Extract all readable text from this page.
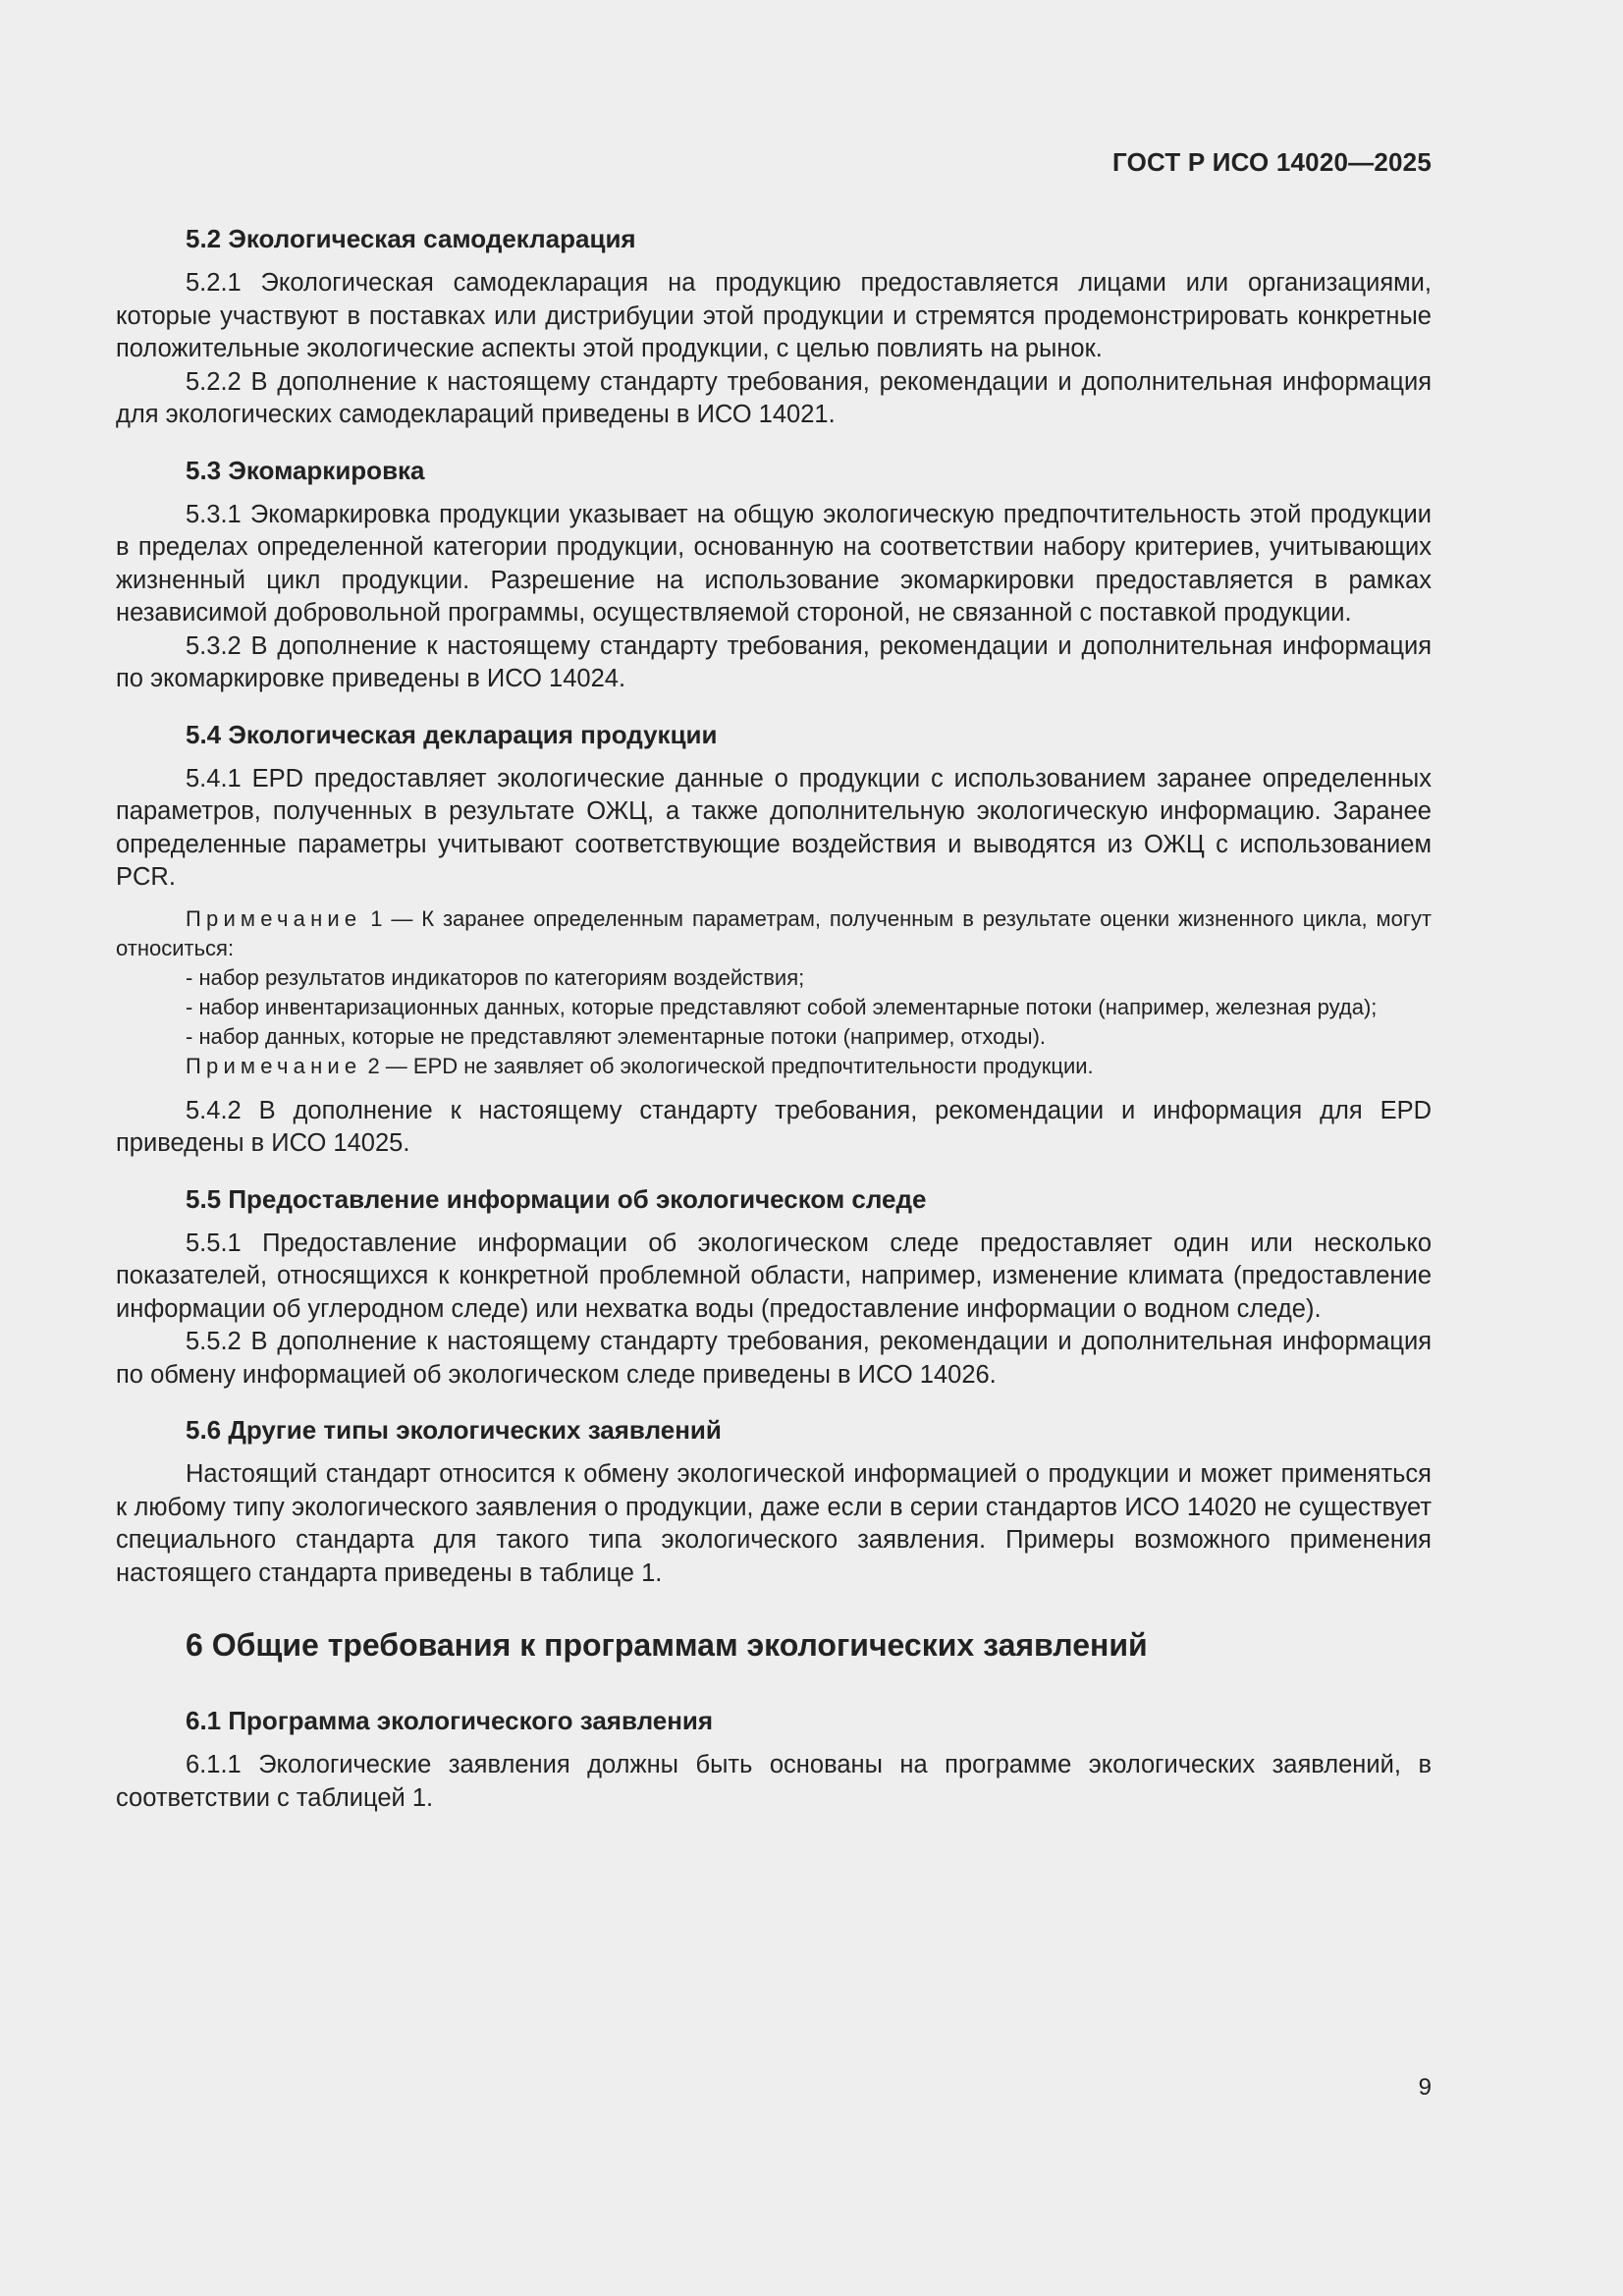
ГОСТ Р ИСО 14020—2025
5.2 Экологическая самодекларация

5.2.1 Экологическая самодекларация на продукцию предоставляется лицами или организациями, которые участвуют в поставках или дистрибуции этой продукции и стремятся продемонстрировать конкретные положительные экологические аспекты этой продукции, с целью повлиять на рынок.

5.2.2 В дополнение к настоящему стандарту требования, рекомендации и дополнительная информация для экологических самодеклараций приведены в ИСО 14021.

5.3 Экомаркировка

5.3.1 Экомаркировка продукции указывает на общую экологическую предпочтительность этой продукции в пределах определенной категории продукции, основанную на соответствии набору критериев, учитывающих жизненный цикл продукции. Разрешение на использование экомаркировки предоставляется в рамках независимой добровольной программы, осуществляемой стороной, не связанной с поставкой продукции.

5.3.2 В дополнение к настоящему стандарту требования, рекомендации и дополнительная информация по экомаркировке приведены в ИСО 14024.

5.4 Экологическая декларация продукции

5.4.1 EPD предоставляет экологические данные о продукции с использованием заранее определенных параметров, полученных в результате ОЖЦ, а также дополнительную экологическую информацию. Заранее определенные параметры учитывают соответствующие воздействия и выводятся из ОЖЦ с использованием PCR.

Примечание 1 — К заранее определенным параметрам, полученным в результате оценки жизненного цикла, могут относиться:

- набор результатов индикаторов по категориям воздействия;
- набор инвентаризационных данных, которые представляют собой элементарные потоки (например, железная руда);
- набор данных, которые не представляют элементарные потоки (например, отходы).

Примечание 2 — EPD не заявляет об экологической предпочтительности продукции.

5.4.2 В дополнение к настоящему стандарту требования, рекомендации и информация для EPD приведены в ИСО 14025.

5.5 Предоставление информации об экологическом следе

5.5.1 Предоставление информации об экологическом следе предоставляет один или несколько показателей, относящихся к конкретной проблемной области, например, изменение климата (предоставление информации об углеродном следе) или нехватка воды (предоставление информации о водном следе).

5.5.2 В дополнение к настоящему стандарту требования, рекомендации и дополнительная информация по обмену информацией об экологическом следе приведены в ИСО 14026.

5.6 Другие типы экологических заявлений

Настоящий стандарт относится к обмену экологической информацией о продукции и может применяться к любому типу экологического заявления о продукции, даже если в серии стандартов ИСО 14020 не существует специального стандарта для такого типа экологического заявления. Примеры возможного применения настоящего стандарта приведены в таблице 1.

6 Общие требования к программам экологических заявлений
6.1 Программа экологического заявления

6.1.1 Экологические заявления должны быть основаны на программе экологических заявлений, в соответствии с таблицей 1.

9
